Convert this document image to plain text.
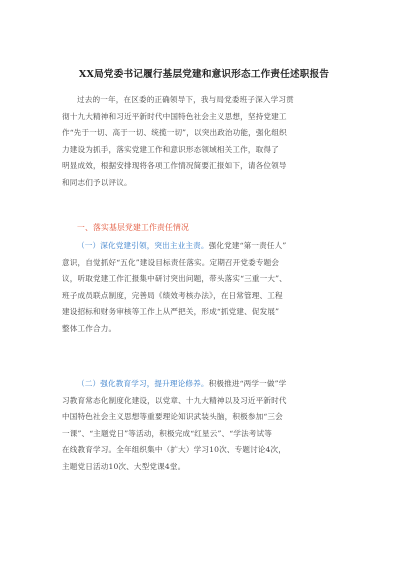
XX局党委书记履行基层党建和意识形态工作责任述职报告
过去的一年，在区委的正确领导下，我与局党委班子深入学习贯
彻十九大精神和习近平新时代中国特色社会主义思想，坚持党建工
作“先于一切、高于一切、统揽一切”，以突出政治功能，强化组织
力建设为抓手，落实党建工作和意识形态领域相关工作，取得了
明显成效，根据安排现将各项工作情况简要汇报如下，请各位领导
和同志们予以评议。
一、落实基层党建工作责任情况
（一）深化党建引领，突出主业主责。强化党建“第一责任人”
意识，自觉抓好“五化”建设目标责任落实。定期召开党委专题会
议，听取党建工作汇报集中研讨突出问题，带头落实“三重一大”、
班子成员联点制度，完善局《绩效考核办法》，在日常管理、工程
建设招标和财务审核等工作上从严把关，形成“抓党建、促发展”
整体工作合力。
（二）强化教育学习，提升理论修养。积极推进“两学一做”学
习教育常态化制度化建设，以党章、十九大精神以及习近平新时代
中国特色社会主义思想等重要理论知识武装头脑，积极参加“三会
一课”、“主题党日”等活动，积极完成“红星云”、“学法考试等
在线教育学习。全年组织集中（扩大）学习10次、专题讨论4次，
主题党日活动10次、大型党课4堂。
